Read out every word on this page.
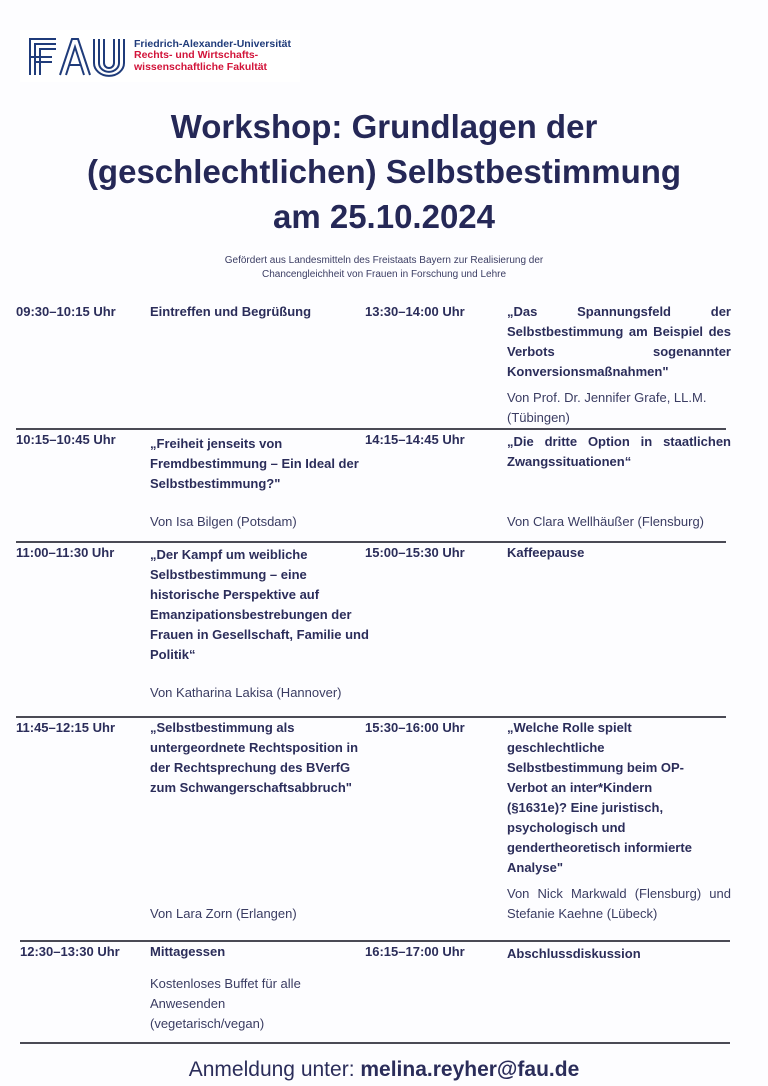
Friedrich-Alexander-Universität
Rechts- und Wirtschafts-
wissenschaftliche Fakultät
Workshop: Grundlagen der
(geschlechtlichen) Selbstbestimmung
am 25.10.2024
Gefördert aus Landesmitteln des Freistaats Bayern zur Realisierung der
Chancengleichheit von Frauen in Forschung und Lehre
09:30–10:15 Uhr	Eintreffen und Begrüßung
10:15–10:45 Uhr	„Freiheit jenseits von Fremdbestimmung – Ein Ideal der Selbstbestimmung?"
Von Isa Bilgen (Potsdam)
11:00–11:30 Uhr	„Der Kampf um weibliche Selbstbestimmung – eine historische Perspektive auf Emanzipationsbestrebungen der Frauen in Gesellschaft, Familie und Politik“
Von Katharina Lakisa (Hannover)
11:45–12:15 Uhr	„Selbstbestimmung als untergeordnete Rechtsposition in der Rechtsprechung des BVerfG zum Schwangerschaftsabbruch"
Von Lara Zorn (Erlangen)
12:30–13:30 Uhr Mittagessen
Kostenloses Buffet für alle Anwesenden (vegetarisch/vegan)
13:30–14:00 Uhr	„Das Spannungsfeld der Selbstbestimmung am Beispiel des Verbots sogenannter Konversionsmaßnahmen"
Von Prof. Dr. Jennifer Grafe, LL.M. (Tübingen)
14:15–14:45 Uhr	„Die dritte Option in staatlichen Zwangssituationen“
Von Clara Wellhäußer (Flensburg)
15:00–15:30 Uhr	Kaffeepause
15:30–16:00 Uhr	„Welche Rolle spielt geschlechtliche Selbstbestimmung beim OP-Verbot an inter*Kindern (§1631e)? Eine juristisch, psychologisch und gendertheoretisch informierte Analyse"
Von Nick Markwald (Flensburg) und Stefanie Kaehne (Lübeck)
16:15–17:00 Uhr	Abschlussdiskussion
Anmeldung unter: melina.reyher@fau.de
